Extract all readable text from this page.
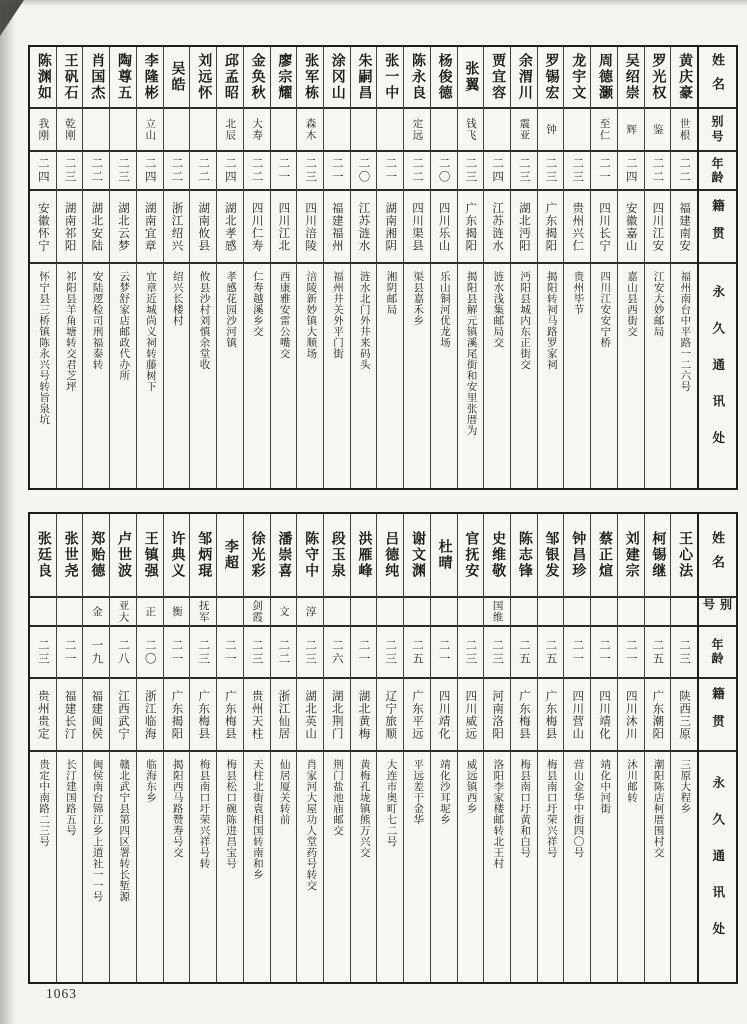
姓名
别号
年龄
籍贯
永久通讯处
黄庆豪
世根
二二
福建南安
福州南台中平路一二六号
罗光权
鉴
二二
四川江安
江安大妙邮局
吴绍崇
辉
二四
安徽嘉山
嘉山县西街交
周德灏
至仁
二一
四川长宁
四川江安安宁桥
龙宇文
二三
贵州兴仁
贵州毕节
罗锡宏
钟
二三
广东揭阳
揭阳转祠马路罗家祠
余渭川
震亚
二三
湖北沔阳
沔阳县城内东正街交
贾宜容
二四
江苏涟水
涟水浅集邮局交
张翼
钱飞
二三
广东揭阳
揭阳县解元镇溪尾街和安里张厝为
杨俊德
二〇
四川乐山
乐山铜河优龙场
陈永良
定远
二二
四川渠县
渠县嘉禾乡
张一中
二一
湖南湘阴
湘阴邮局
朱嗣昌
二〇
江苏涟水
涟水北门外井来码头
涂冈山
二一
福建福州
福州井关外平门街
张军栋
森木
二三
四川涪陵
涪陵新妙镇大顺场
廖宗耀
二一
四川江北
西康雅安雷公嘴交
金奂秋
大寿
二二
四川仁寿
仁寿越溪乡交
邱孟昭
北辰
二四
湖北孝感
孝感花园沙河镇
刘远怀
二二
湖南攸县
攸县沙村刘慎余堂收
吴皓
二二
浙江绍兴
绍兴长楼村
李隆彬
立山
二四
湖南宜章
宜章近城尚义祠转藤树下
陶尊五
二三
湖北云梦
云梦舒家店邮政代办所
肖国杰
二二
湖北安陆
安陆逻检司刑福泰转
王矾石
乾刚
二三
湖南祁阳
祁阳县羊角塘转交君芝坪
陈渊如
我刚
二四
安徽怀宁
怀宁县三桥镇陈永兴号转旨泉坑
姓名
别号
年龄
籍贯
永久通讯处
王心法
二三
陕西三原
三原大程乡
柯锡继
二五
广东潮阳
潮阳陈店柯厝围村交
刘建宗
二一
四川沐川
沐川邮转
蔡正煊
二一
四川靖化
靖化中河街
钟昌珍
二一
四川营山
营山金华中街四〇号
邹银发
二五
广东梅县
梅县南口圩荣兴祥号
陈志锋
二五
广东梅县
梅县南口圩黄和白号
史维敬
国维
二三
河南洛阳
洛阳李家楼邮转北王村
官抚安
二三
四川威远
威远镇西乡
杜晴
二一
四川靖化
靖化沙耳坭乡
谢文渊
二五
广东平远
平远差干金华
吕德纯
二三
辽宁旅顺
大连市奥町七二号
洪雁峰
二一
湖北黄梅
黄梅孔垅镇熊万兴交
段玉泉
二六
湖北荆门
荆门盐池庙邮交
陈守中
淳
二三
湖北英山
肖家河大屋功人堂药号转交
潘崇喜
文
二二
浙江仙居
仙居厦关转前
徐光彩
剑霞
二三
贵州天柱
天柱北街袁相国转南和乡
李超
二一
广东梅县
梅县松口碗陈进昌宝号
邹炳琨
抚军
二三
广东梅县
梅县南口圩荣兴祥号转
许典义
衡
二一
广东揭阳
揭阳西马路赞寿号交
王镇强
正
二〇
浙江临海
临海东乡
卢世波
亚大
二八
江西武宁
赣北武宁县第四区署转长堑源
郑贻德
金
一九
福建闽侯
闽侯南台锦江乡上道社一一号
张世尧
二一
福建长汀
长汀建国路五号
张廷良
二三
贵州贵定
贵定中南路二三号
1063
